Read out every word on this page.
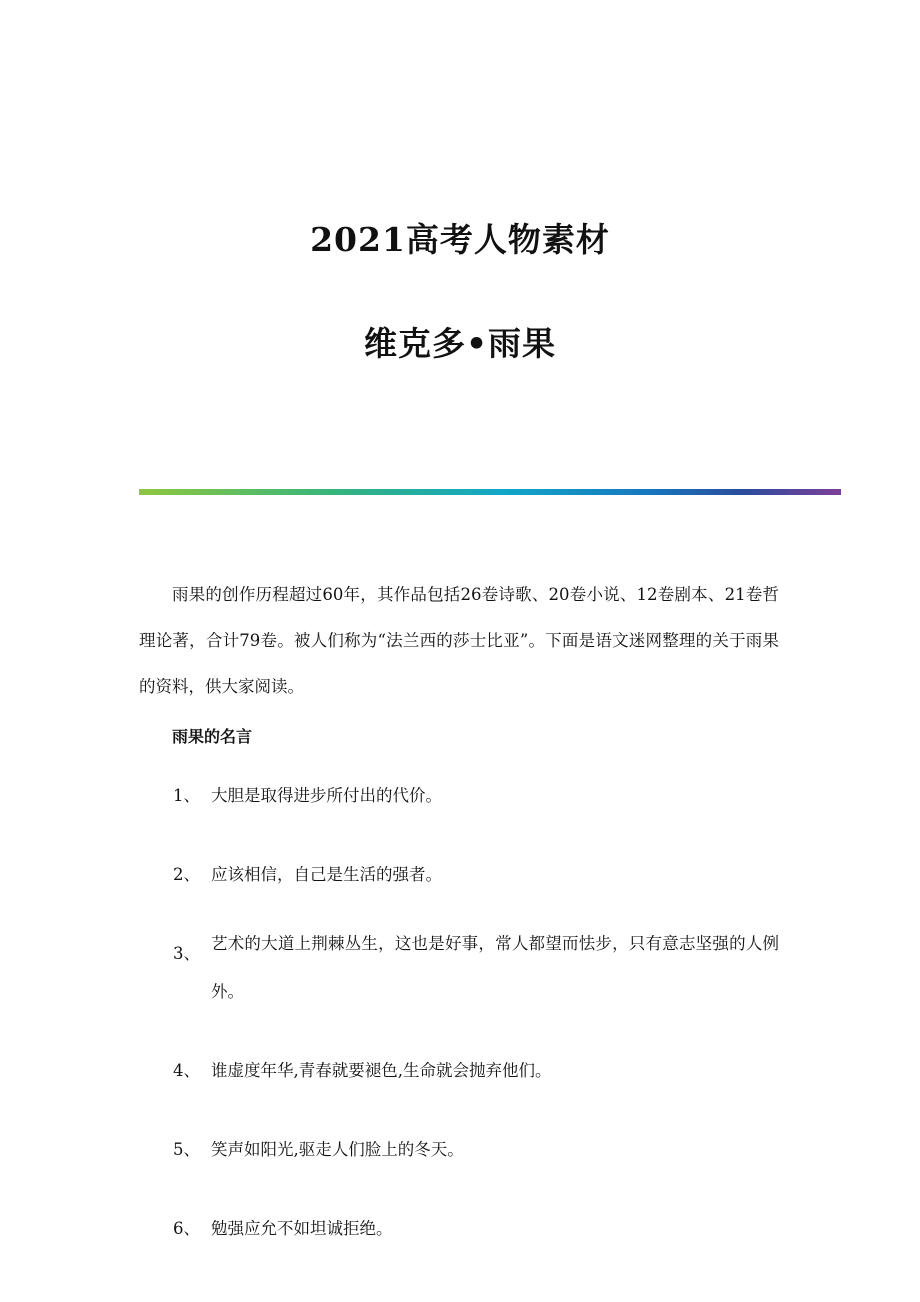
2021高考人物素材
维克多•雨果

雨果的创作历程超过60年，其作品包括26卷诗歌、20卷小说、12卷剧本、21卷哲理论著，合计79卷。被人们称为“法兰西的莎士比亚”。下面是语文迷网整理的关于雨果的资料，供大家阅读。

雨果的名言
1、 大胆是取得进步所付出的代价。
2、 应该相信，自己是生活的强者。
3、
艺术的大道上荆棘丛生，这也是好事，常人都望而怯步，只有意志坚强的人例外。
4、 谁虚度年华,青春就要褪色,生命就会抛弃他们。
5、 笑声如阳光,驱走人们脸上的冬天。
6、 勉强应允不如坦诚拒绝。
